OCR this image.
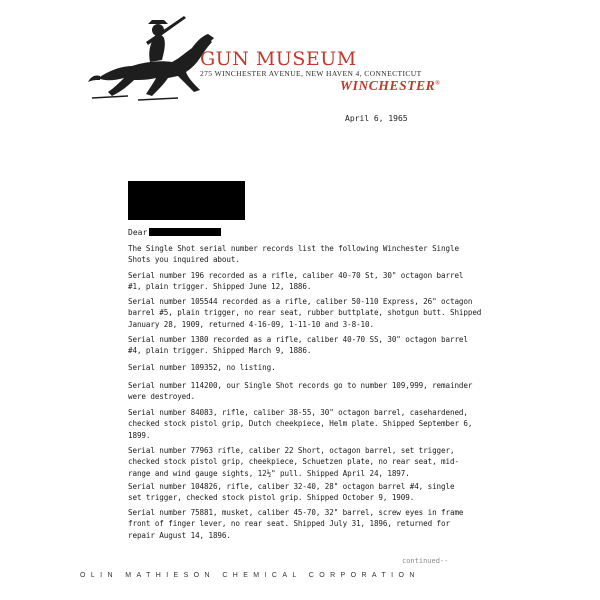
GUN MUSEUM
275 WINCHESTER AVENUE, NEW HAVEN 4, CONNECTICUT
WINCHESTER®
April 6, 1965
Dear
The Single Shot serial number records list the following Winchester Single
Shots you inquired about.
Serial number 196 recorded as a rifle, caliber 40-70 St, 30" octagon barrel
#1, plain trigger. Shipped June 12, 1886.
Serial number 105544 recorded as a rifle, caliber 50-110 Express, 26" octagon
barrel #5, plain trigger, no rear seat, rubber buttplate, shotgun butt. Shipped
January 28, 1909, returned 4-16-09, 1-11-10 and 3-8-10.
Serial number 1380 recorded as a rifle, caliber 40-70 SS, 30" octagon barrel
#4, plain trigger. Shipped March 9, 1886.
Serial number 109352, no listing.
Serial number 114200, our Single Shot records go to number 109,999, remainder
were destroyed.
Serial number 84083, rifle, caliber 38-55, 30" octagon barrel, casehardened,
checked stock pistol grip, Dutch cheekpiece, Helm plate. Shipped September 6,
1899.
Serial number 77963 rifle, caliber 22 Short, octagon barrel, set trigger,
checked stock pistol grip, cheekpiece, Schuetzen plate, no rear seat, mid-
range and wind gauge sights, 12½" pull. Shipped April 24, 1897.
Serial number 104826, rifle, caliber 32-40, 28" octagon barrel #4, single
set trigger, checked stock pistol grip. Shipped October 9, 1909.
Serial number 75881, musket, caliber 45-70, 32" barrel, screw eyes in frame
front of finger lever, no rear seat. Shipped July 31, 1896, returned for
repair August 14, 1896.
continued--
OLIN MATHIESON CHEMICAL CORPORATION
